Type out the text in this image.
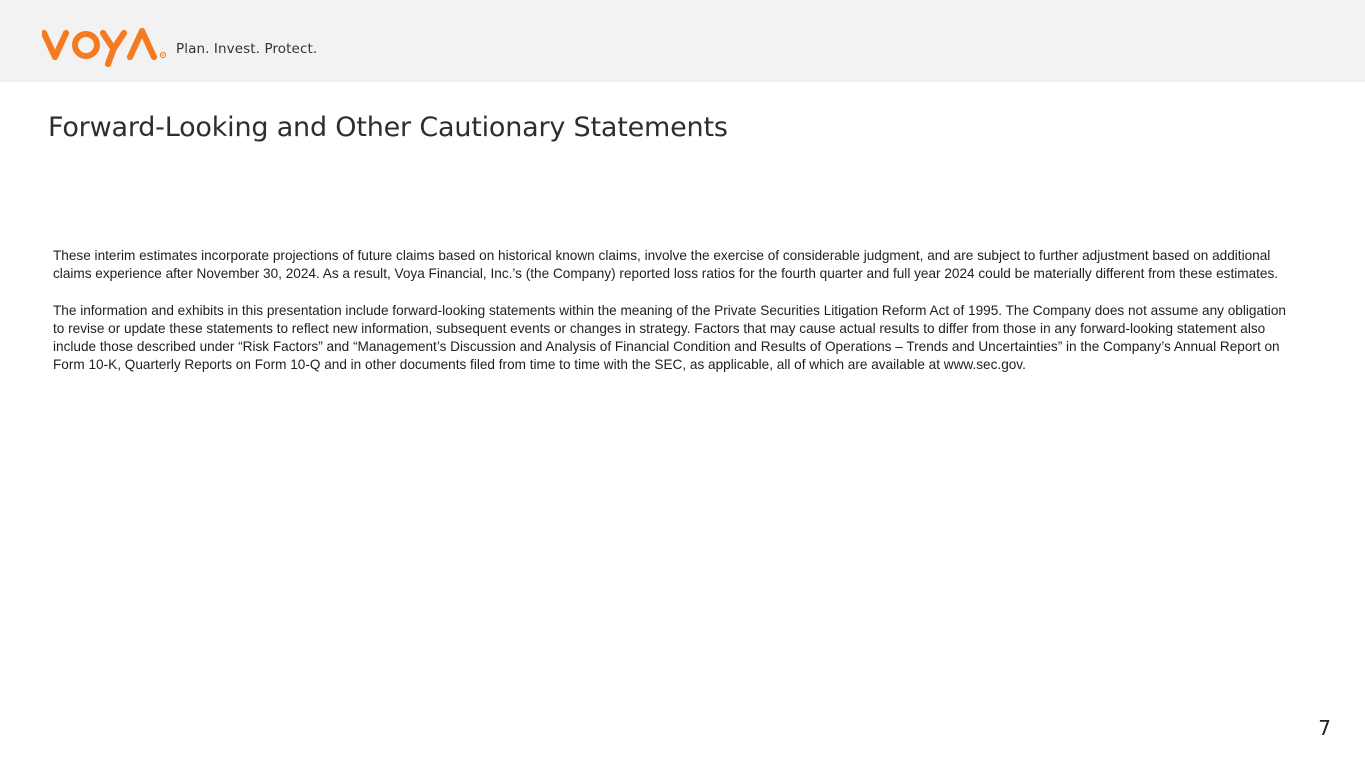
Plan. Invest. Protect.
Forward-Looking and Other Cautionary Statements

These interim estimates incorporate projections of future claims based on historical known claims, involve the exercise of considerable judgment, and are subject to further adjustment based on additional claims experience after November 30, 2024. As a result, Voya Financial, Inc.’s (the Company) reported loss ratios for the fourth quarter and full year 2024 could be materially different from these estimates.

The information and exhibits in this presentation include forward-looking statements within the meaning of the Private Securities Litigation Reform Act of 1995. The Company does not assume any obligation to revise or update these statements to reflect new information, subsequent events or changes in strategy. Factors that may cause actual results to differ from those in any forward-looking statement also include those described under “Risk Factors” and “Management’s Discussion and Analysis of Financial Condition and Results of Operations – Trends and Uncertainties” in the Company’s Annual Report on Form 10-K, Quarterly Reports on Form 10-Q and in other documents filed from time to time with the SEC, as applicable, all of which are available at www.sec.gov.

7
